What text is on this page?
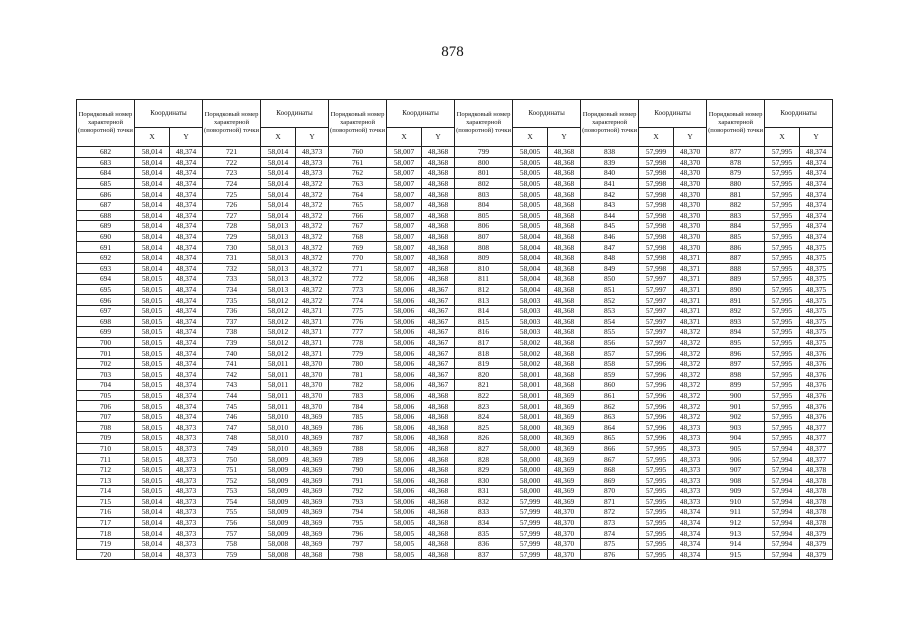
878
Порядковый номер характерной (поворотной) точки	Координаты		Порядковый номер характерной (поворотной) точки	Координаты		Порядковый номер характерной (поворотной) точки	Координаты		Порядковый номер характерной (поворотной) точки	Координаты		Порядковый номер характерной (поворотной) точки	Координаты		Порядковый номер характерной (поворотной) точки	Координаты	
	X	Y		X	Y		X	Y		X	Y		X	Y		X	Y
682	58,014	48,374	721	58,014	48,373	760	58,007	48,368	799	58,005	48,368	838	57,999	48,370	877	57,995	48,374
683	58,014	48,374	722	58,014	48,373	761	58,007	48,368	800	58,005	48,368	839	57,998	48,370	878	57,995	48,374
684	58,014	48,374	723	58,014	48,373	762	58,007	48,368	801	58,005	48,368	840	57,998	48,370	879	57,995	48,374
685	58,014	48,374	724	58,014	48,372	763	58,007	48,368	802	58,005	48,368	841	57,998	48,370	880	57,995	48,374
686	58,014	48,374	725	58,014	48,372	764	58,007	48,368	803	58,005	48,368	842	57,998	48,370	881	57,995	48,374
687	58,014	48,374	726	58,014	48,372	765	58,007	48,368	804	58,005	48,368	843	57,998	48,370	882	57,995	48,374
688	58,014	48,374	727	58,014	48,372	766	58,007	48,368	805	58,005	48,368	844	57,998	48,370	883	57,995	48,374
689	58,014	48,374	728	58,013	48,372	767	58,007	48,368	806	58,005	48,368	845	57,998	48,370	884	57,995	48,374
690	58,014	48,374	729	58,013	48,372	768	58,007	48,368	807	58,004	48,368	846	57,998	48,370	885	57,995	48,374
691	58,014	48,374	730	58,013	48,372	769	58,007	48,368	808	58,004	48,368	847	57,998	48,370	886	57,995	48,375
692	58,014	48,374	731	58,013	48,372	770	58,007	48,368	809	58,004	48,368	848	57,998	48,371	887	57,995	48,375
693	58,014	48,374	732	58,013	48,372	771	58,007	48,368	810	58,004	48,368	849	57,998	48,371	888	57,995	48,375
694	58,015	48,374	733	58,013	48,372	772	58,006	48,368	811	58,004	48,368	850	57,997	48,371	889	57,995	48,375
695	58,015	48,374	734	58,013	48,372	773	58,006	48,367	812	58,004	48,368	851	57,997	48,371	890	57,995	48,375
696	58,015	48,374	735	58,012	48,372	774	58,006	48,367	813	58,003	48,368	852	57,997	48,371	891	57,995	48,375
697	58,015	48,374	736	58,012	48,371	775	58,006	48,367	814	58,003	48,368	853	57,997	48,371	892	57,995	48,375
698	58,015	48,374	737	58,012	48,371	776	58,006	48,367	815	58,003	48,368	854	57,997	48,371	893	57,995	48,375
699	58,015	48,374	738	58,012	48,371	777	58,006	48,367	816	58,003	48,368	855	57,997	48,372	894	57,995	48,375
700	58,015	48,374	739	58,012	48,371	778	58,006	48,367	817	58,002	48,368	856	57,997	48,372	895	57,995	48,375
701	58,015	48,374	740	58,012	48,371	779	58,006	48,367	818	58,002	48,368	857	57,996	48,372	896	57,995	48,376
702	58,015	48,374	741	58,011	48,370	780	58,006	48,367	819	58,002	48,368	858	57,996	48,372	897	57,995	48,376
703	58,015	48,374	742	58,011	48,370	781	58,006	48,367	820	58,001	48,368	859	57,996	48,372	898	57,995	48,376
704	58,015	48,374	743	58,011	48,370	782	58,006	48,367	821	58,001	48,368	860	57,996	48,372	899	57,995	48,376
705	58,015	48,374	744	58,011	48,370	783	58,006	48,368	822	58,001	48,369	861	57,996	48,372	900	57,995	48,376
706	58,015	48,374	745	58,011	48,370	784	58,006	48,368	823	58,001	48,369	862	57,996	48,372	901	57,995	48,376
707	58,015	48,374	746	58,010	48,369	785	58,006	48,368	824	58,001	48,369	863	57,996	48,372	902	57,995	48,376
708	58,015	48,373	747	58,010	48,369	786	58,006	48,368	825	58,000	48,369	864	57,996	48,373	903	57,995	48,377
709	58,015	48,373	748	58,010	48,369	787	58,006	48,368	826	58,000	48,369	865	57,996	48,373	904	57,995	48,377
710	58,015	48,373	749	58,010	48,369	788	58,006	48,368	827	58,000	48,369	866	57,995	48,373	905	57,994	48,377
711	58,015	48,373	750	58,009	48,369	789	58,006	48,368	828	58,000	48,369	867	57,995	48,373	906	57,994	48,377
712	58,015	48,373	751	58,009	48,369	790	58,006	48,368	829	58,000	48,369	868	57,995	48,373	907	57,994	48,378
713	58,015	48,373	752	58,009	48,369	791	58,006	48,368	830	58,000	48,369	869	57,995	48,373	908	57,994	48,378
714	58,015	48,373	753	58,009	48,369	792	58,006	48,368	831	58,000	48,369	870	57,995	48,373	909	57,994	48,378
715	58,014	48,373	754	58,009	48,369	793	58,006	48,368	832	57,999	48,369	871	57,995	48,373	910	57,994	48,378
716	58,014	48,373	755	58,009	48,369	794	58,006	48,368	833	57,999	48,370	872	57,995	48,374	911	57,994	48,378
717	58,014	48,373	756	58,009	48,369	795	58,005	48,368	834	57,999	48,370	873	57,995	48,374	912	57,994	48,378
718	58,014	48,373	757	58,009	48,369	796	58,005	48,368	835	57,999	48,370	874	57,995	48,374	913	57,994	48,379
719	58,014	48,373	758	58,008	48,369	797	58,005	48,368	836	57,999	48,370	875	57,995	48,374	914	57,994	48,379
720	58,014	48,373	759	58,008	48,368	798	58,005	48,368	837	57,999	48,370	876	57,995	48,374	915	57,994	48,379
